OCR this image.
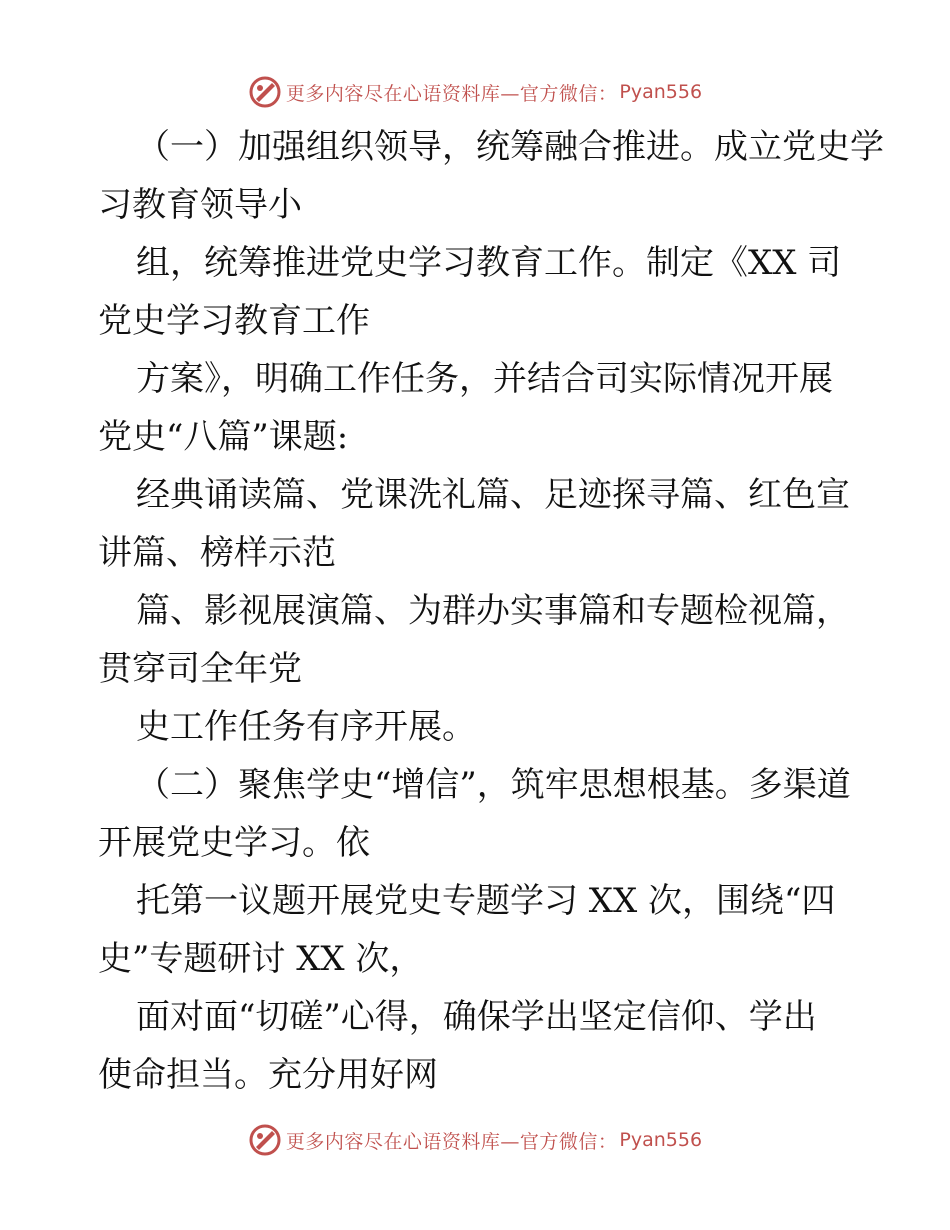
更多内容尽在心语资料库—官方微信： Pyan556
（一）加强组织领导，统筹融合推进。成立党史学
习教育领导小
组，统筹推进党史学习教育工作。制定《XX 司
党史学习教育工作
方案》，明确工作任务，并结合司实际情况开展
党史“八篇”课题:
经典诵读篇、党课洗礼篇、足迹探寻篇、红色宣
讲篇、榜样示范
篇、影视展演篇、为群办实事篇和专题检视篇，
贯穿司全年党
史工作任务有序开展。
（二）聚焦学史“增信”，筑牢思想根基。多渠道
开展党史学习。依
托第一议题开展党史专题学习 XX 次，围绕“四
史”专题研讨 XX 次，
面对面“切磋”心得，确保学出坚定信仰、学出
使命担当。充分用好网
更多内容尽在心语资料库—官方微信： Pyan556
